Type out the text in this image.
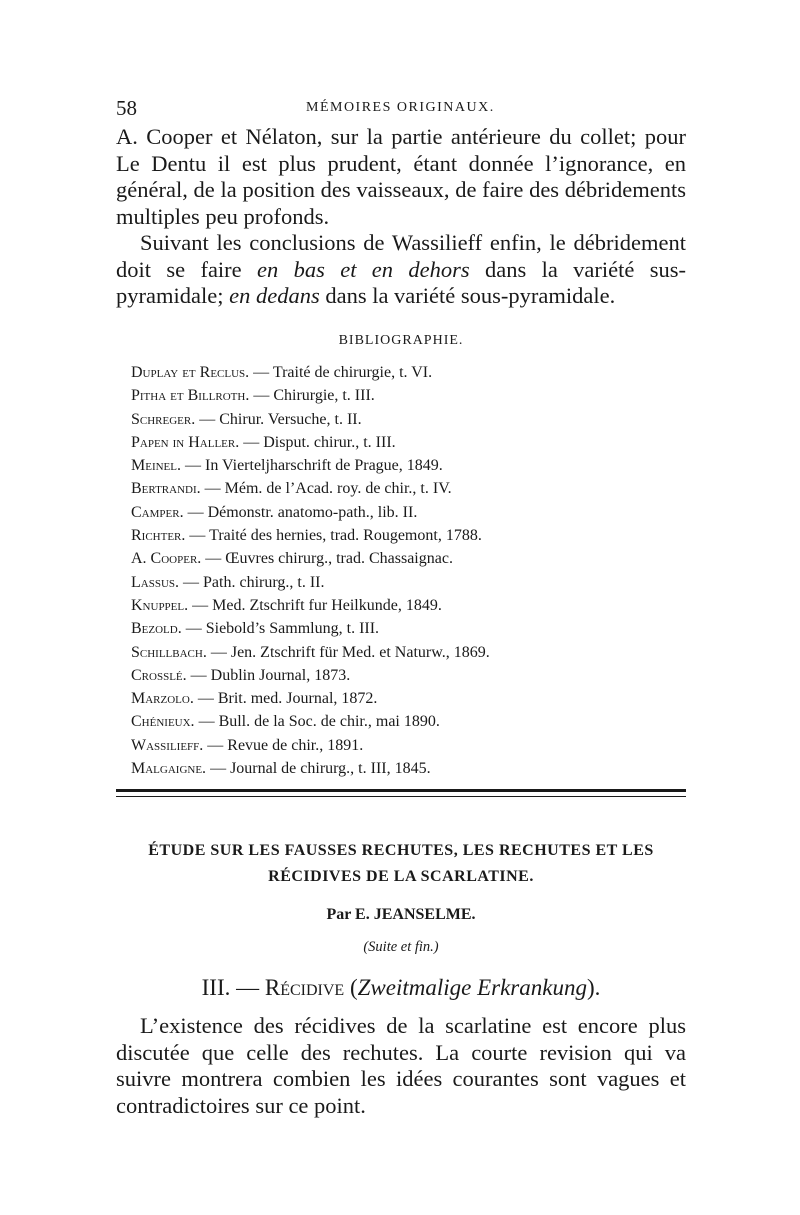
58	MÉMOIRES ORIGINAUX.

A. Cooper et Nélaton, sur la partie antérieure du collet; pour Le Dentu il est plus prudent, étant donnée l’ignorance, en général, de la position des vaisseaux, de faire des débridements multiples peu profonds.

Suivant les conclusions de Wassilieff enfin, le débridement doit se faire en bas et en dehors dans la variété sus-pyramidale; en dedans dans la variété sous-pyramidale.

BIBLIOGRAPHIE.
Duplay et Reclus. — Traité de chirurgie, t. VI.
Pitha et Billroth. — Chirurgie, t. III.
Schreger. — Chirur. Versuche, t. II.
Papen in Haller. — Disput. chirur., t. III.
Meinel. — In Vierteljharschrift de Prague, 1849.
Bertrandi. — Mém. de l’Acad. roy. de chir., t. IV.
Camper. — Démonstr. anatomo-path., lib. II.
Richter. — Traité des hernies, trad. Rougemont, 1788.
A. Cooper. — Œuvres chirurg., trad. Chassaignac.
Lassus. — Path. chirurg., t. II.
Knuppel. — Med. Ztschrift fur Heilkunde, 1849.
Bezold. — Siebold’s Sammlung, t. III.
Schillbach. — Jen. Ztschrift für Med. et Naturw., 1869.
Crosslé. — Dublin Journal, 1873.
Marzolo. — Brit. med. Journal, 1872.
Chénieux. — Bull. de la Soc. de chir., mai 1890.
Wassilieff. — Revue de chir., 1891.
Malgaigne. — Journal de chirurg., t. III, 1845.
ÉTUDE SUR LES FAUSSES RECHUTES, LES RECHUTES ET LES
RÉCIDIVES DE LA SCARLATINE.
Par E. JEANSELME.
(Suite et fin.)
III. — Récidive (Zweitmalige Erkrankung).

L’existence des récidives de la scarlatine est encore plus discutée que celle des rechutes. La courte revision qui va suivre montrera combien les idées courantes sont vagues et contradictoires sur ce point.
